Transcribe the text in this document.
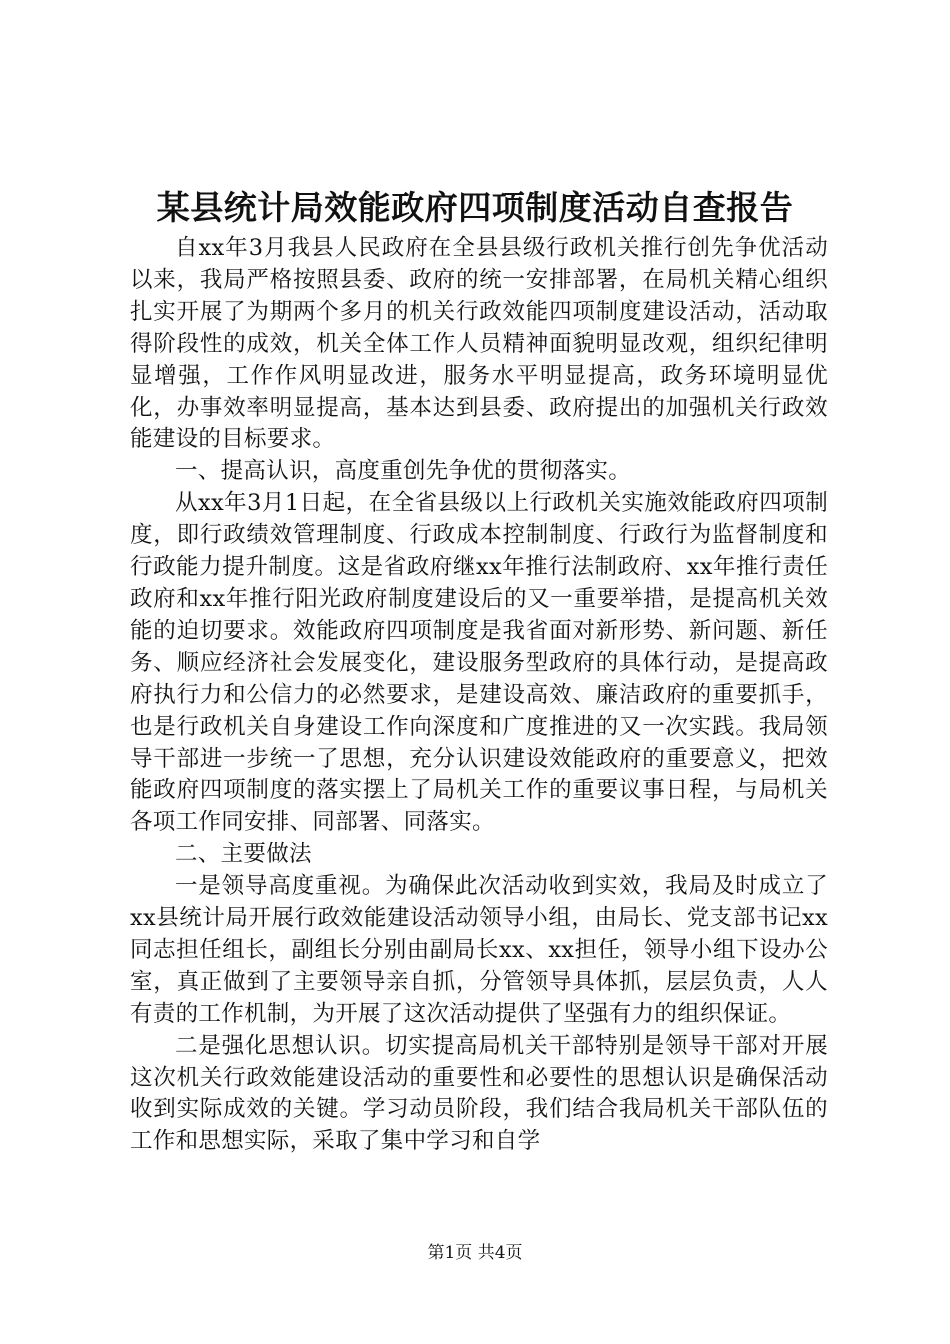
某县统计局效能政府四项制度活动自查报告

自xx年3月我县人民政府在全县县级行政机关推行创先争优活动以来，我局严格按照县委、政府的统一安排部署，在局机关精心组织扎实开展了为期两个多月的机关行政效能四项制度建设活动，活动取得阶段性的成效，机关全体工作人员精神面貌明显改观，组织纪律明显增强，工作作风明显改进，服务水平明显提高，政务环境明显优化，办事效率明显提高，基本达到县委、政府提出的加强机关行政效能建设的目标要求。

一、提高认识，高度重创先争优的贯彻落实。

从xx年3月1日起，在全省县级以上行政机关实施效能政府四项制度，即行政绩效管理制度、行政成本控制制度、行政行为监督制度和行政能力提升制度。这是省政府继xx年推行法制政府、xx年推行责任政府和xx年推行阳光政府制度建设后的又一重要举措，是提高机关效能的迫切要求。效能政府四项制度是我省面对新形势、新问题、新任务、顺应经济社会发展变化，建设服务型政府的具体行动，是提高政府执行力和公信力的必然要求，是建设高效、廉洁政府的重要抓手，也是行政机关自身建设工作向深度和广度推进的又一次实践。我局领导干部进一步统一了思想，充分认识建设效能政府的重要意义，把效能政府四项制度的落实摆上了局机关工作的重要议事日程，与局机关各项工作同安排、同部署、同落实。

二、主要做法

一是领导高度重视。为确保此次活动收到实效，我局及时成立了xx县统计局开展行政效能建设活动领导小组，由局长、党支部书记xx同志担任组长，副组长分别由副局长xx、xx担任，领导小组下设办公室，真正做到了主要领导亲自抓，分管领导具体抓，层层负责，人人有责的工作机制，为开展了这次活动提供了坚强有力的组织保证。

二是强化思想认识。切实提高局机关干部特别是领导干部对开展这次机关行政效能建设活动的重要性和必要性的思想认识是确保活动收到实际成效的关键。学习动员阶段，我们结合我局机关干部队伍的工作和思想实际，采取了集中学习和自学

第1页 共4页
